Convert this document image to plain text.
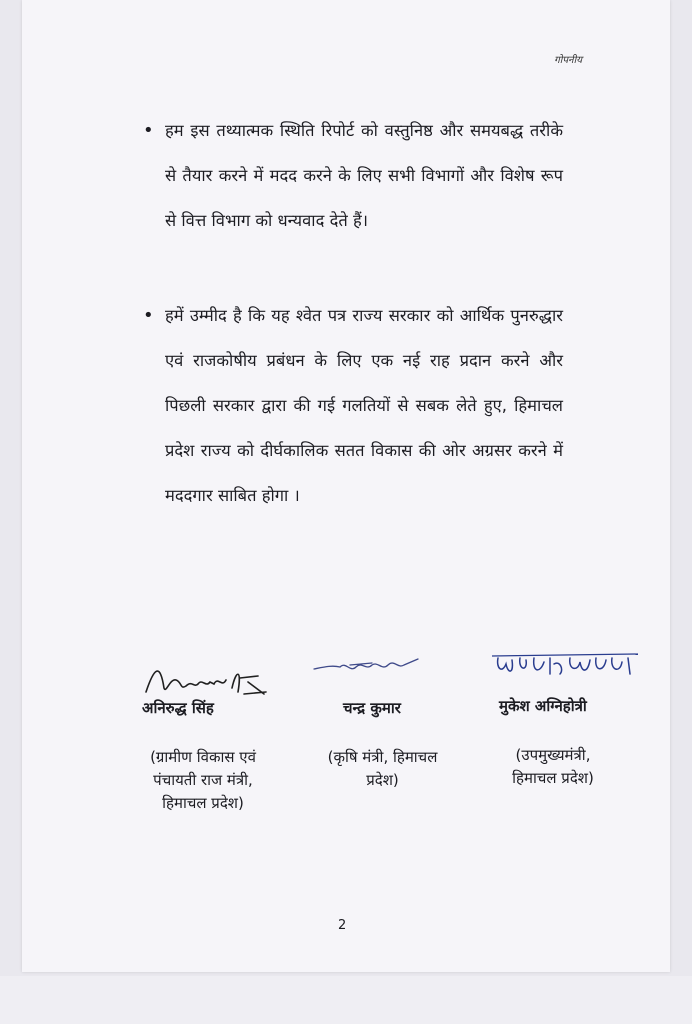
गोपनीय
• हम इस तथ्यात्मक स्थिति रिपोर्ट को वस्तुनिष्ठ और समयबद्ध तरीके से तैयार करने में मदद करने के लिए सभी विभागों और विशेष रूप से वित्त विभाग को धन्यवाद देते हैं।
• हमें उम्मीद है कि यह श्वेत पत्र राज्य सरकार को आर्थिक पुनरुद्धार एवं राजकोषीय प्रबंधन के लिए एक नई राह प्रदान करने और पिछली सरकार द्वारा की गई गलतियों से सबक लेते हुए, हिमाचल प्रदेश राज्य को दीर्घकालिक सतत विकास की ओर अग्रसर करने में मददगार साबित होगा ।
अनिरुद्ध सिंह	चन्द्र कुमार	मुकेश अग्निहोत्री
(ग्रामीण विकास एवं
पंचायती राज मंत्री,
हिमाचल प्रदेश)
(कृषि मंत्री, हिमाचल
प्रदेश)
(उपमुख्यमंत्री,
हिमाचल प्रदेश)
2
